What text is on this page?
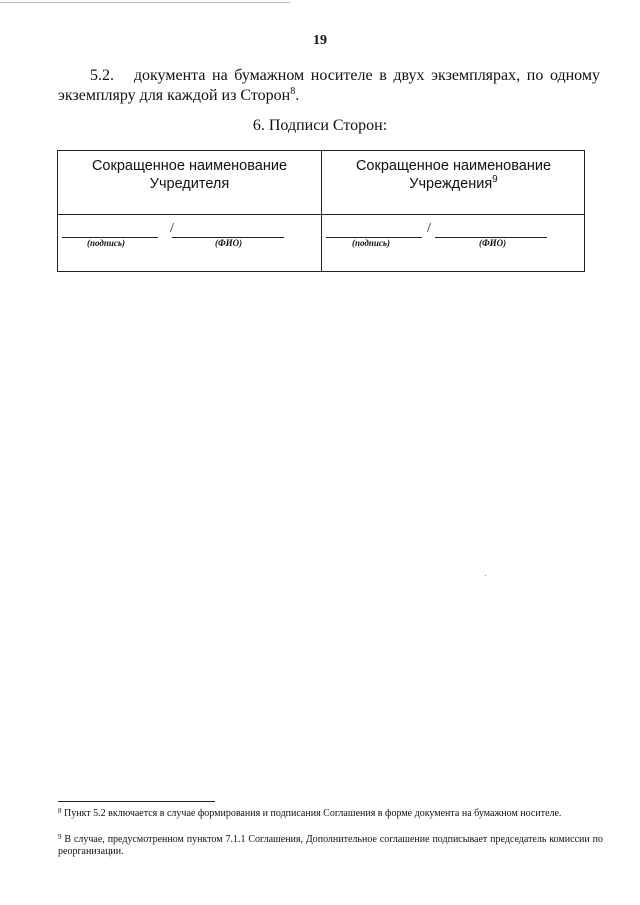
19
5.2. документа на бумажном носителе в двух экземплярах, по одному
экземпляру для каждой из Сторон$^8$.
6. Подписи Сторон:
Сокращенное наименование
Учредителя
Сокращенное наименование
Учреждения$^9$
/
(подпись)	(ФИО)
/
(подпись)	(ФИО)
$^8$ Пункт 5.2 включается в случае формирования и подписания Соглашения в форме документа на бумажном носителе.
$^9$ В случае, предусмотренном пунктом 7.1.1 Соглашения, Дополнительное соглашение подписывает председатель комиссии по реорганизации.
